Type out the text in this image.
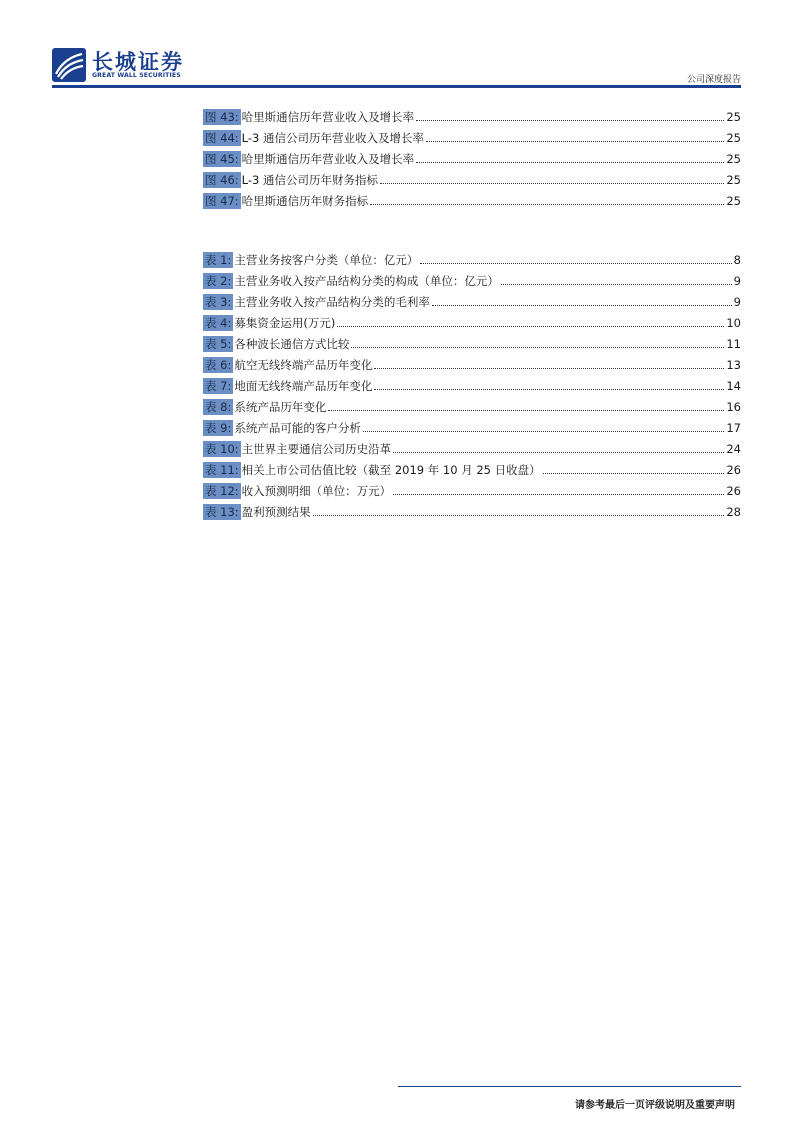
长城证券
GREAT WALL SECURITIES	公司深度报告
图 43: 哈里斯通信历年营业收入及增长率	25
图 44: L-3 通信公司历年营业收入及增长率	25
图 45: 哈里斯通信历年营业收入及增长率	25
图 46: L-3 通信公司历年财务指标	25
图 47: 哈里斯通信历年财务指标	25
表 1: 主营业务按客户分类（单位：亿元）	8
表 2: 主营业务收入按产品结构分类的构成（单位：亿元）	9
表 3: 主营业务收入按产品结构分类的毛利率	9
表 4: 募集资金运用(万元)	10
表 5: 各种波长通信方式比较	11
表 6: 航空无线终端产品历年变化	13
表 7: 地面无线终端产品历年变化	14
表 8: 系统产品历年变化	16
表 9: 系统产品可能的客户分析	17
表 10: 主世界主要通信公司历史沿革	24
表 11: 相关上市公司估值比较（截至 2019 年 10 月 25 日收盘）	26
表 12: 收入预测明细（单位：万元）	26
表 13: 盈利预测结果	28
请参考最后一页评级说明及重要声明
